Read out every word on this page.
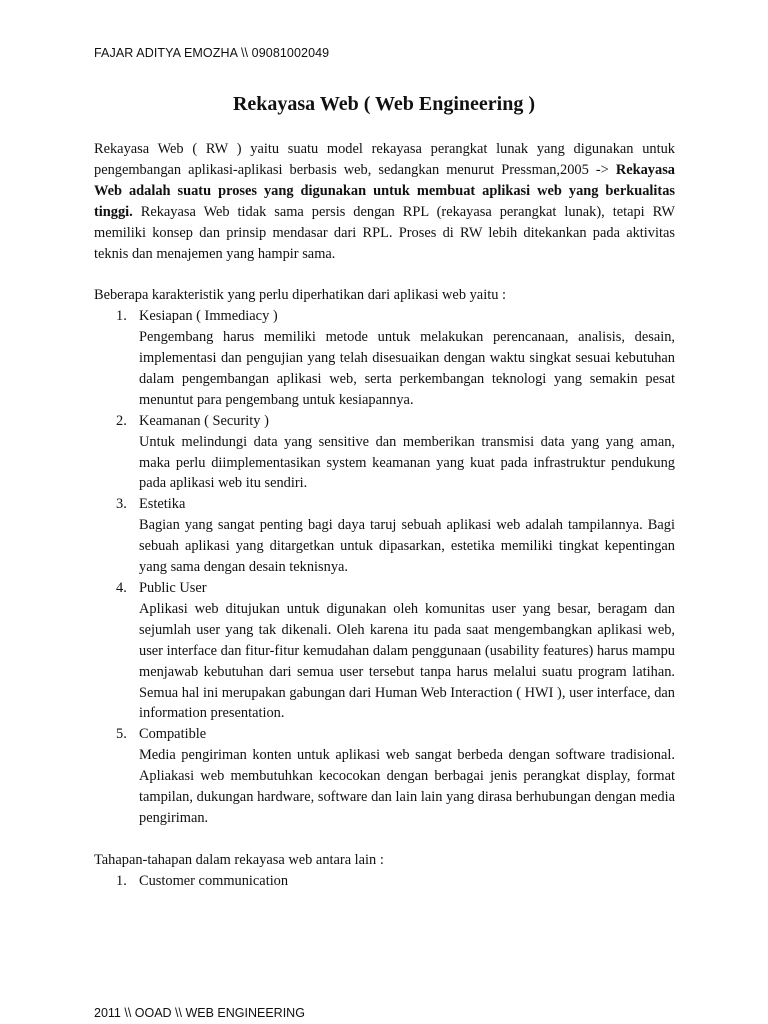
FAJAR ADITYA EMOZHA \\ 09081002049
Rekayasa Web ( Web Engineering )

Rekayasa Web ( RW ) yaitu suatu model rekayasa perangkat lunak yang digunakan untuk pengembangan aplikasi-aplikasi berbasis web, sedangkan menurut Pressman,2005 -> Rekayasa Web adalah suatu proses yang digunakan untuk membuat aplikasi web yang berkualitas tinggi. Rekayasa Web tidak sama persis dengan RPL (rekayasa perangkat lunak), tetapi RW memiliki konsep dan prinsip mendasar dari RPL. Proses di RW lebih ditekankan pada aktivitas teknis dan menajemen yang hampir sama.

Beberapa karakteristik yang perlu diperhatikan dari aplikasi web yaitu :

1. Kesiapan ( Immediacy )
Pengembang harus memiliki metode untuk melakukan perencanaan, analisis, desain, implementasi dan pengujian yang telah disesuaikan dengan waktu singkat sesuai kebutuhan dalam pengembangan aplikasi web, serta perkembangan teknologi yang semakin pesat menuntut para pengembang untuk kesiapannya.
2. Keamanan ( Security )
Untuk melindungi data yang sensitive dan memberikan transmisi data yang yang aman, maka perlu diimplementasikan system keamanan yang kuat pada infrastruktur pendukung pada aplikasi web itu sendiri.
3. Estetika
Bagian yang sangat penting bagi daya taruj sebuah aplikasi web adalah tampilannya. Bagi sebuah aplikasi yang ditargetkan untuk dipasarkan, estetika memiliki tingkat kepentingan yang sama dengan desain teknisnya.
4. Public User
Aplikasi web ditujukan untuk digunakan oleh komunitas user yang besar, beragam dan sejumlah user yang tak dikenali. Oleh karena itu pada saat mengembangkan aplikasi web, user interface dan fitur-fitur kemudahan dalam penggunaan (usability features) harus mampu menjawab kebutuhan dari semua user tersebut tanpa harus melalui suatu program latihan. Semua hal ini merupakan gabungan dari Human Web Interaction ( HWI ), user interface, dan information presentation.
5. Compatible
Media pengiriman konten untuk aplikasi web sangat berbeda dengan software tradisional. Apliakasi web membutuhkan kecocokan dengan berbagai jenis perangkat display, format tampilan, dukungan hardware, software dan lain lain yang dirasa berhubungan dengan media pengiriman.

Tahapan-tahapan dalam rekayasa web antara lain :

1. Customer communication
2011 \\ OOAD \\ WEB ENGINEERING
